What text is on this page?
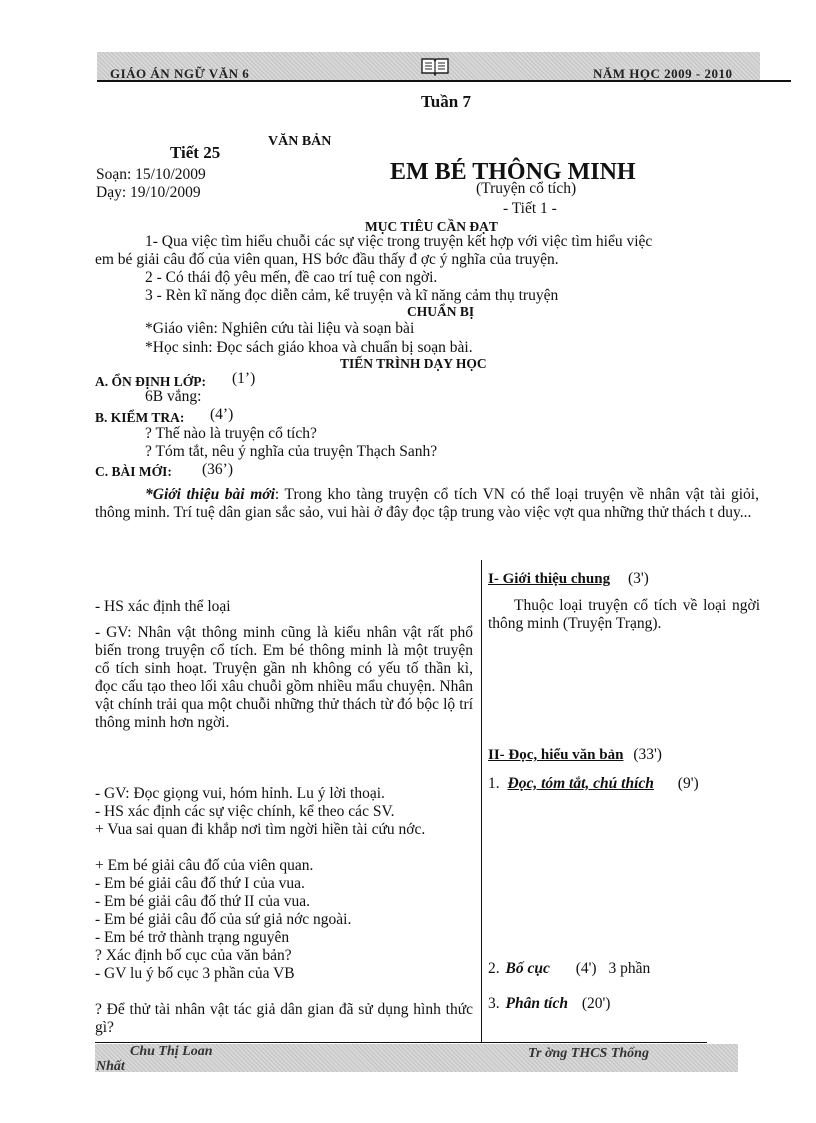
GIÁO ÁN NGỮ VĂN 6	NĂM HỌC 2009 - 2010
Tuần 7
Tiết 25
VĂN BẢN
Soạn: 15/10/2009
Dạy: 19/10/2009
EM BÉ THÔNG MINH
(Truyện cổ tích)
- Tiết 1 -
MỤC TIÊU CẦN ĐẠT
1- Qua việc tìm hiểu chuỗi các sự việc trong truyện kết hợp với việc tìm hiểu việc
em bé giải câu đố của viên quan, HS bớc đầu thấy đ ợc ý nghĩa của truyện.
2 - Có thái độ yêu mến, đề cao trí tuệ con ngời.
3 - Rèn kĩ năng đọc diễn cảm, kể truyện và kĩ năng cảm thụ truyện
CHUẨN BỊ
*Giáo viên: Nghiên cứu tài liệu và soạn bài
*Học sinh: Đọc sách giáo khoa và chuẩn bị soạn bài.
TIẾN TRÌNH DẠY HỌC
A. ỔN ĐỊNH LỚP: (1’)
6B vắng:
B. KIỂM TRA: (4’)
? Thế nào là truyện cổ tích?
? Tóm tắt, nêu ý nghĩa của truyện Thạch Sanh?
C. BÀI MỚI: (36’)
*Giới thiệu bài mới: Trong kho tàng truyện cổ tích VN có thể loại truyện về nhân vật tài giỏi, thông minh. Trí tuệ dân gian sắc sảo, vui hài ở đây đọc tập trung vào việc vợt qua những thử thách t duy...
- HS xác định thể loại
- GV: Nhân vật thông minh cũng là kiểu nhân vật rất phổ biến trong truyện cổ tích. Em bé thông minh là một truyện cổ tích sinh hoạt. Truyện gần nh không có yếu tố thần kì, đọc cấu tạo theo lối xâu chuỗi gồm nhiều mẩu chuyện. Nhân vật chính trải qua một chuỗi những thử thách từ đó bộc lộ trí thông minh hơn ngời.
- GV: Đọc giọng vui, hóm hỉnh. Lu ý lời thoại.
- HS xác định các sự việc chính, kể theo các SV.
+ Vua sai quan đi khắp nơi tìm ngời hiền tài cứu nớc.
+ Em bé giải câu đố của viên quan.
- Em bé giải câu đố thứ I của vua.
- Em bé giải câu đố thứ II của vua.
- Em bé giải câu đố của sứ giả nớc ngoài.
- Em bé trở thành trạng nguyên
? Xác định bố cục của văn bản?
- GV lu ý bố cục 3 phần của VB
? Để thử tài nhân vật tác giả dân gian đã sử dụng hình thức gì?
I- Giới thiệu chung (3')
Thuộc loại truyện cổ tích về loại ngời thông minh (Truyện Trạng).
II- Đọc, hiểu văn bản (33')
1. Đọc, tóm tắt, chú thích (9')
2. Bố cục (4') 3 phần
3. Phân tích (20')
Chu Thị Loan
Nhất
Tr ờng THCS Thống
